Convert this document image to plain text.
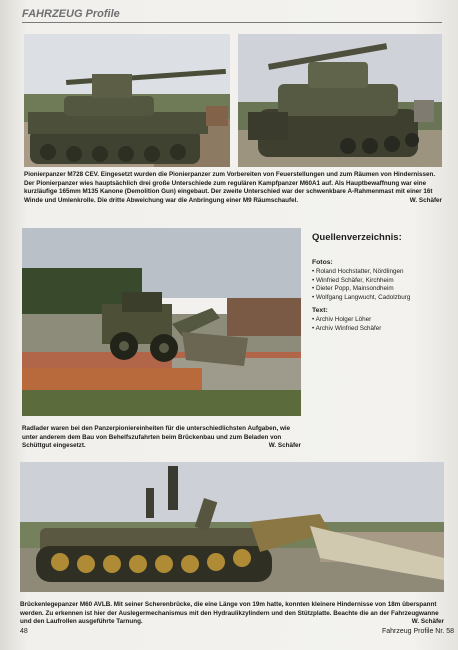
FAHRZEUG Profile
Pionierpanzer M728 CEV. Eingesetzt wurden die Pionierpanzer zum Vorbereiten von Feuerstellungen und zum Räumen von Hindernissen. Der Pionierpanzer wies hauptsächlich drei große Unterschiede zum regulären Kampfpanzer M60A1 auf. Als Hauptbewaffnung war eine kurzläufige 165mm M135 Kanone (Demolition Gun) eingebaut. Der zweite Unterschied war der schwenkbare A-Rahmenmast mit einer 16t Winde und Umlenkrolle. Die dritte Abweichung war die Anbringung einer M9 Räumschaufel.	W. Schäfer
Radlader waren bei den Panzerpioniereinheiten für die unterschiedlichsten Aufgaben, wie unter anderem dem Bau von Behelfszufahrten beim Brückenbau und zum Beladen von Schüttgut eingesetzt.	W. Schäfer
Quellenverzeichnis:
Fotos:
• Roland Hochstatter, Nördlingen
• Winfried Schäfer, Kirchheim
• Dieter Popp, Mainsondheim
• Wolfgang Langwucht, Cadolzburg
Text:
• Archiv Holger Löher
• Archiv Winfried Schäfer
Brückenlegepanzer M60 AVLB. Mit seiner Scherenbrücke, die eine Länge von 19m hatte, konnten kleinere Hindernisse von 18m überspannt werden. Zu erkennen ist hier der Auslegermechanismus mit den Hydraulikzylindern und den Stützplatte. Beachte die an der Fahrzeugwanne und den Laufrollen ausgeführte Tarnung.	W. Schäfer
48	Fahrzeug Profile Nr. 58
